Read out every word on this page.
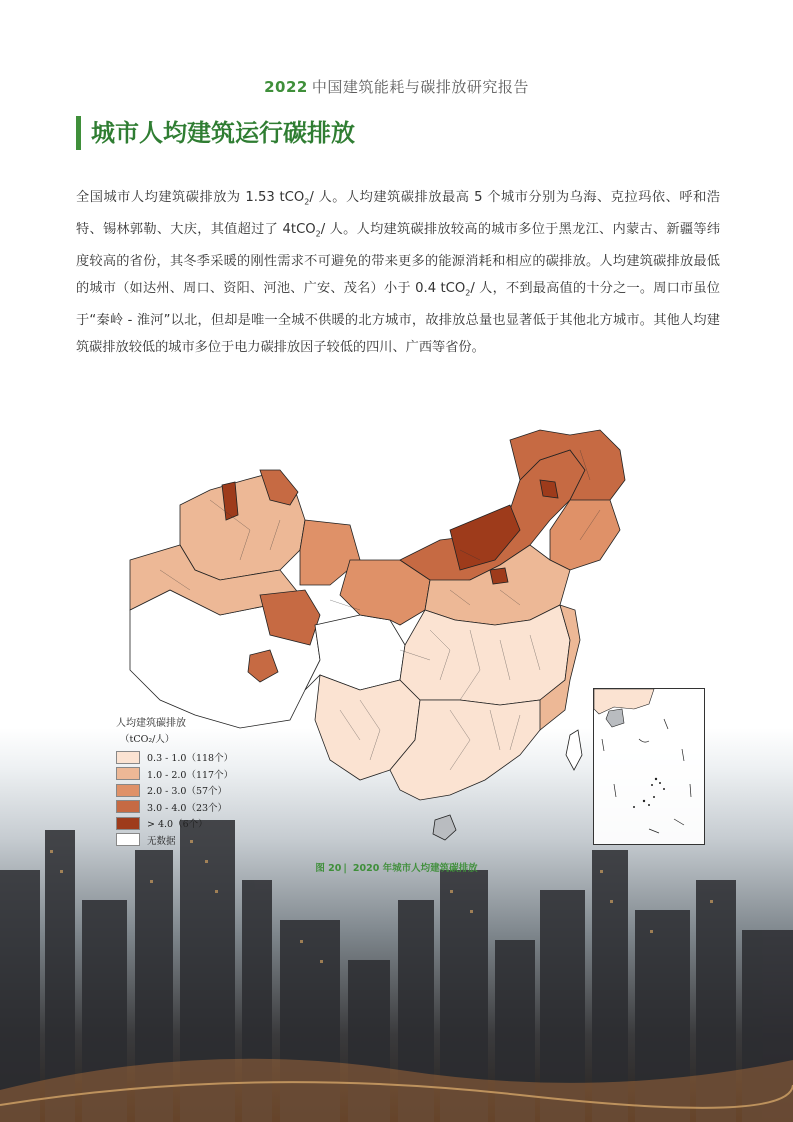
2022 中国建筑能耗与碳排放研究报告
城市人均建筑运行碳排放
全国城市人均建筑碳排放为 1.53 tCO$_2$/ 人。人均建筑碳排放最高 5 个城市分别为乌海、克拉玛依、呼和浩特、锡林郭勒、大庆，其值超过了 4tCO$_2$/ 人。人均建筑碳排放较高的城市多位于黑龙江、内蒙古、新疆等纬度较高的省份，其冬季采暖的刚性需求不可避免的带来更多的能源消耗和相应的碳排放。人均建筑碳排放最低的城市（如达州、周口、资阳、河池、广安、茂名）小于 0.4 tCO$_2$/ 人，不到最高值的十分之一。周口市虽位于“秦岭 - 淮河”以北，但却是唯一全城不供暖的北方城市，故排放总量也显著低于其他北方城市。其他人均建筑碳排放较低的城市多位于电力碳排放因子较低的四川、广西等省份。
人均建筑碳排放
（tCO₂/人）
0.3 - 1.0（118个）
1.0 - 2.0（117个）
2.0 - 3.0（57个）
3.0 - 4.0（23个）
> 4.0（6个）
无数据
图 20 | 2020 年城市人均建筑碳排放
